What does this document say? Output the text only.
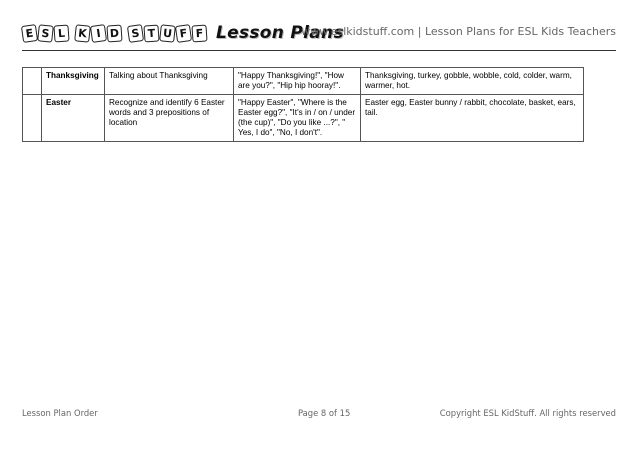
E S L	K I D	S T U F F Lesson Plans
www.eslkidstuff.com | Lesson Plans for ESL Kids Teachers
	Thanksgiving	Talking about Thanksgiving	"Happy Thanksgiving!", "How are you?", "Hip hip hooray!".	Thanksgiving, turkey, gobble, wobble, cold, colder, warm, warmer, hot.
	Easter	Recognize and identify 6 Easter words and 3 prepositions of location	"Happy Easter", "Where is the Easter egg?", "It's in / on / under (the cup)", "Do you like ...?", " Yes, I do", "No, I don't".	Easter egg, Easter bunny / rabbit, chocolate, basket, ears, tail.
Lesson Plan Order	Page 8 of 15	Copyright ESL KidStuff. All rights reserved
